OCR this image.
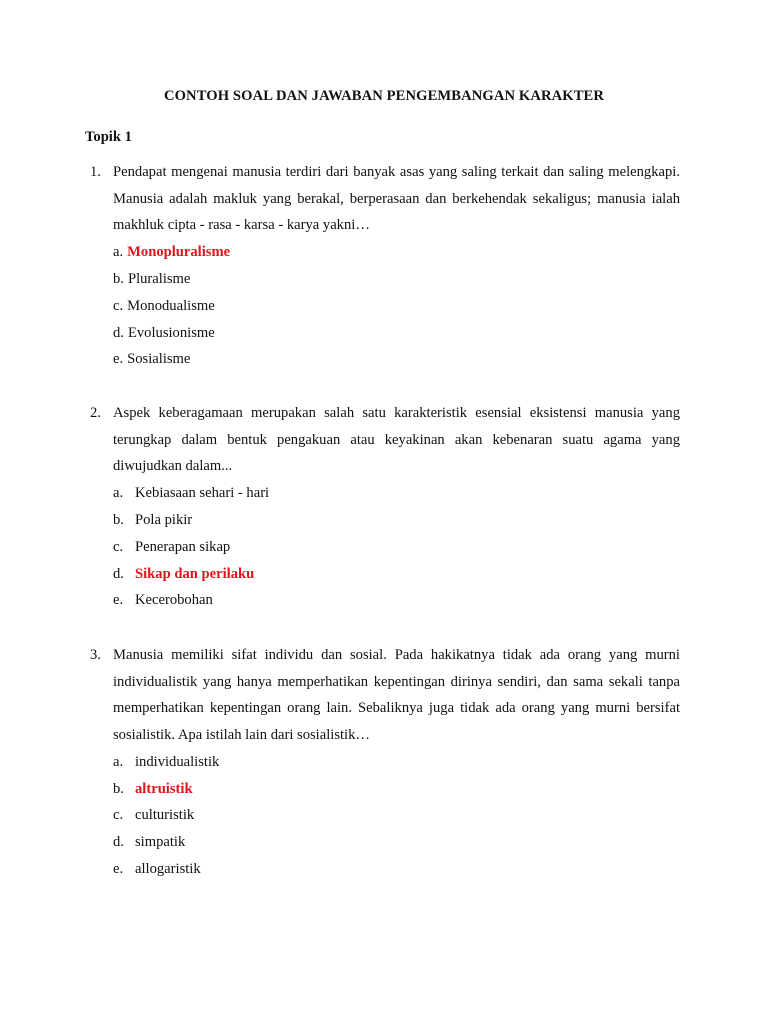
CONTOH SOAL DAN JAWABAN PENGEMBANGAN KARAKTER
Topik 1
1. Pendapat mengenai manusia terdiri dari banyak asas yang saling terkait dan saling melengkapi. Manusia adalah makluk yang berakal, berperasaan dan berkehendak sekaligus; manusia ialah makhluk cipta - rasa - karsa - karya yakni…
a. Monopluralisme
b. Pluralisme
c. Monodualisme
d. Evolusionisme
e. Sosialisme
2. Aspek keberagamaan merupakan salah satu karakteristik esensial eksistensi manusia yang terungkap dalam bentuk pengakuan atau keyakinan akan kebenaran suatu agama yang diwujudkan dalam...
a. Kebiasaan sehari - hari
b. Pola pikir
c. Penerapan sikap
d. Sikap dan perilaku
e. Kecerobohan
3. Manusia memiliki sifat individu dan sosial. Pada hakikatnya tidak ada orang yang murni individualistik yang hanya memperhatikan kepentingan dirinya sendiri, dan sama sekali tanpa memperhatikan kepentingan orang lain. Sebaliknya juga tidak ada orang yang murni bersifat sosialistik. Apa istilah lain dari sosialistik…
a. individualistik
b. altruistik
c. culturistik
d. simpatik
e. allogaristik
